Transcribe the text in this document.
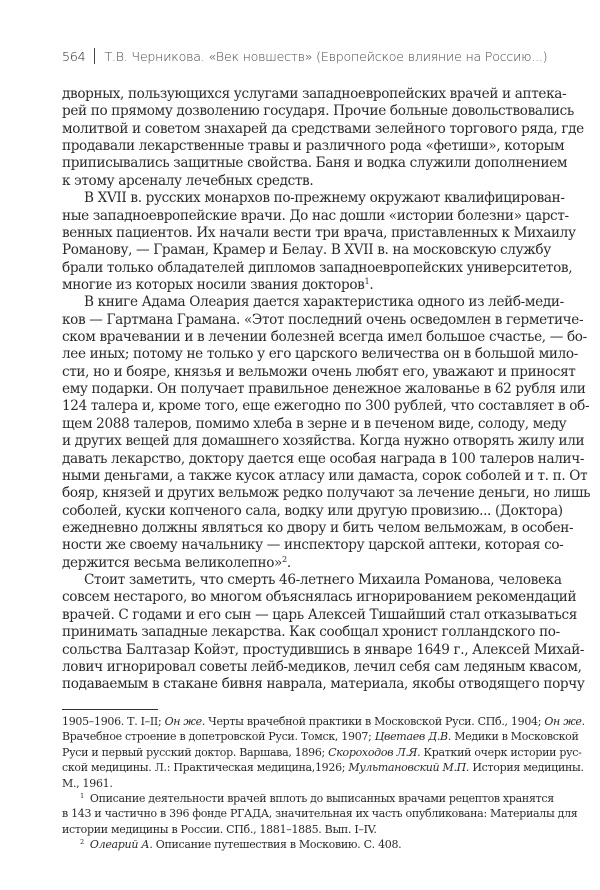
564 Т.В. Черникова. «Век новшеств» (Европейское влияние на Россию...)
дворных, пользующихся услугами западноевропейских врачей и аптека-
рей по прямому дозволению государя. Прочие больные довольствовались
молитвой и советом знахарей да средствами зелейного торгового ряда, где
продавали лекарственные травы и различного рода «фетиши», которым
приписывались защитные свойства. Баня и водка служили дополнением
к этому арсеналу лечебных средств.
В XVII в. русских монархов по-прежнему окружают квалифицирован-
ные западноевропейские врачи. До нас дошли «истории болезни» царст-
венных пациентов. Их начали вести три врача, приставленных к Михаилу
Романову, — Граман, Крамер и Белау. В XVII в. на московскую службу
брали только обладателей дипломов западноевропейских университетов,
многие из которых носили звания докторов$^1$.
В книге Адама Олеария дается характеристика одного из лейб-меди-
ков — Гартмана Грамана. «Этот последний очень осведомлен в герметиче-
ском врачевании и в лечении болезней всегда имел большое счастье, — бо-
лее иных; потому не только у его царского величества он в большой мило-
сти, но и бояре, князья и вельможи очень любят его, уважают и приносят
ему подарки. Он получает правильное денежное жалованье в 62 рубля или
124 талера и, кроме того, еще ежегодно по 300 рублей, что составляет в об-
щем 2088 талеров, помимо хлеба в зерне и в печеном виде, солоду, меду
и других вещей для домашнего хозяйства. Когда нужно отворять жилу или
давать лекарство, доктору дается еще особая награда в 100 талеров налич-
ными деньгами, а также кусок атласу или дамаста, сорок соболей и т. п. От
бояр, князей и других вельмож редко получают за лечение деньги, но лишь
соболей, куски копченого сала, водку или другую провизию... (Доктора)
ежедневно должны являться ко двору и бить челом вельможам, в особен-
ности же своему начальнику — инспектору царской аптеки, которая со-
держится весьма великолепно»$^2$.
Стоит заметить, что смерть 46-летнего Михаила Романова, человека
совсем нестарого, во многом объяснялась игнорированием рекомендаций
врачей. С годами и его сын — царь Алексей Тишайший стал отказываться
принимать западные лекарства. Как сообщал хронист голландского по-
сольства Балтазар Койэт, простудившись в январе 1649 г., Алексей Михай-
лович игнорировал советы лейб-медиков, лечил себя сам ледяным квасом,
подаваемым в стакане бивня наврала, материала, якобы отводящего порчу
1905–1906. Т. I–II; Он же. Черты врачебной практики в Московской Руси. СПб., 1904; Он же.
Врачебное строение в допетровской Руси. Томск, 1907; Цветаев Д.В. Медики в Московской
Руси и первый русский доктор. Варшава, 1896; Скороходов Л.Я. Краткий очерк истории рус-
ской медицины. Л.: Практическая медицина,1926; Мультановский М.П. История медицины.
М., 1961.
$^1$ Описание деятельности врачей вплоть до выписанных врачами рецептов хранятся
в 143 и частично в 396 фонде РГАДА, значительная их часть опубликована: Материалы для
истории медицины в России. СПб., 1881–1885. Вып. I–IV.
$^2$ Олеарий А. Описание путешествия в Московию. С. 408.
